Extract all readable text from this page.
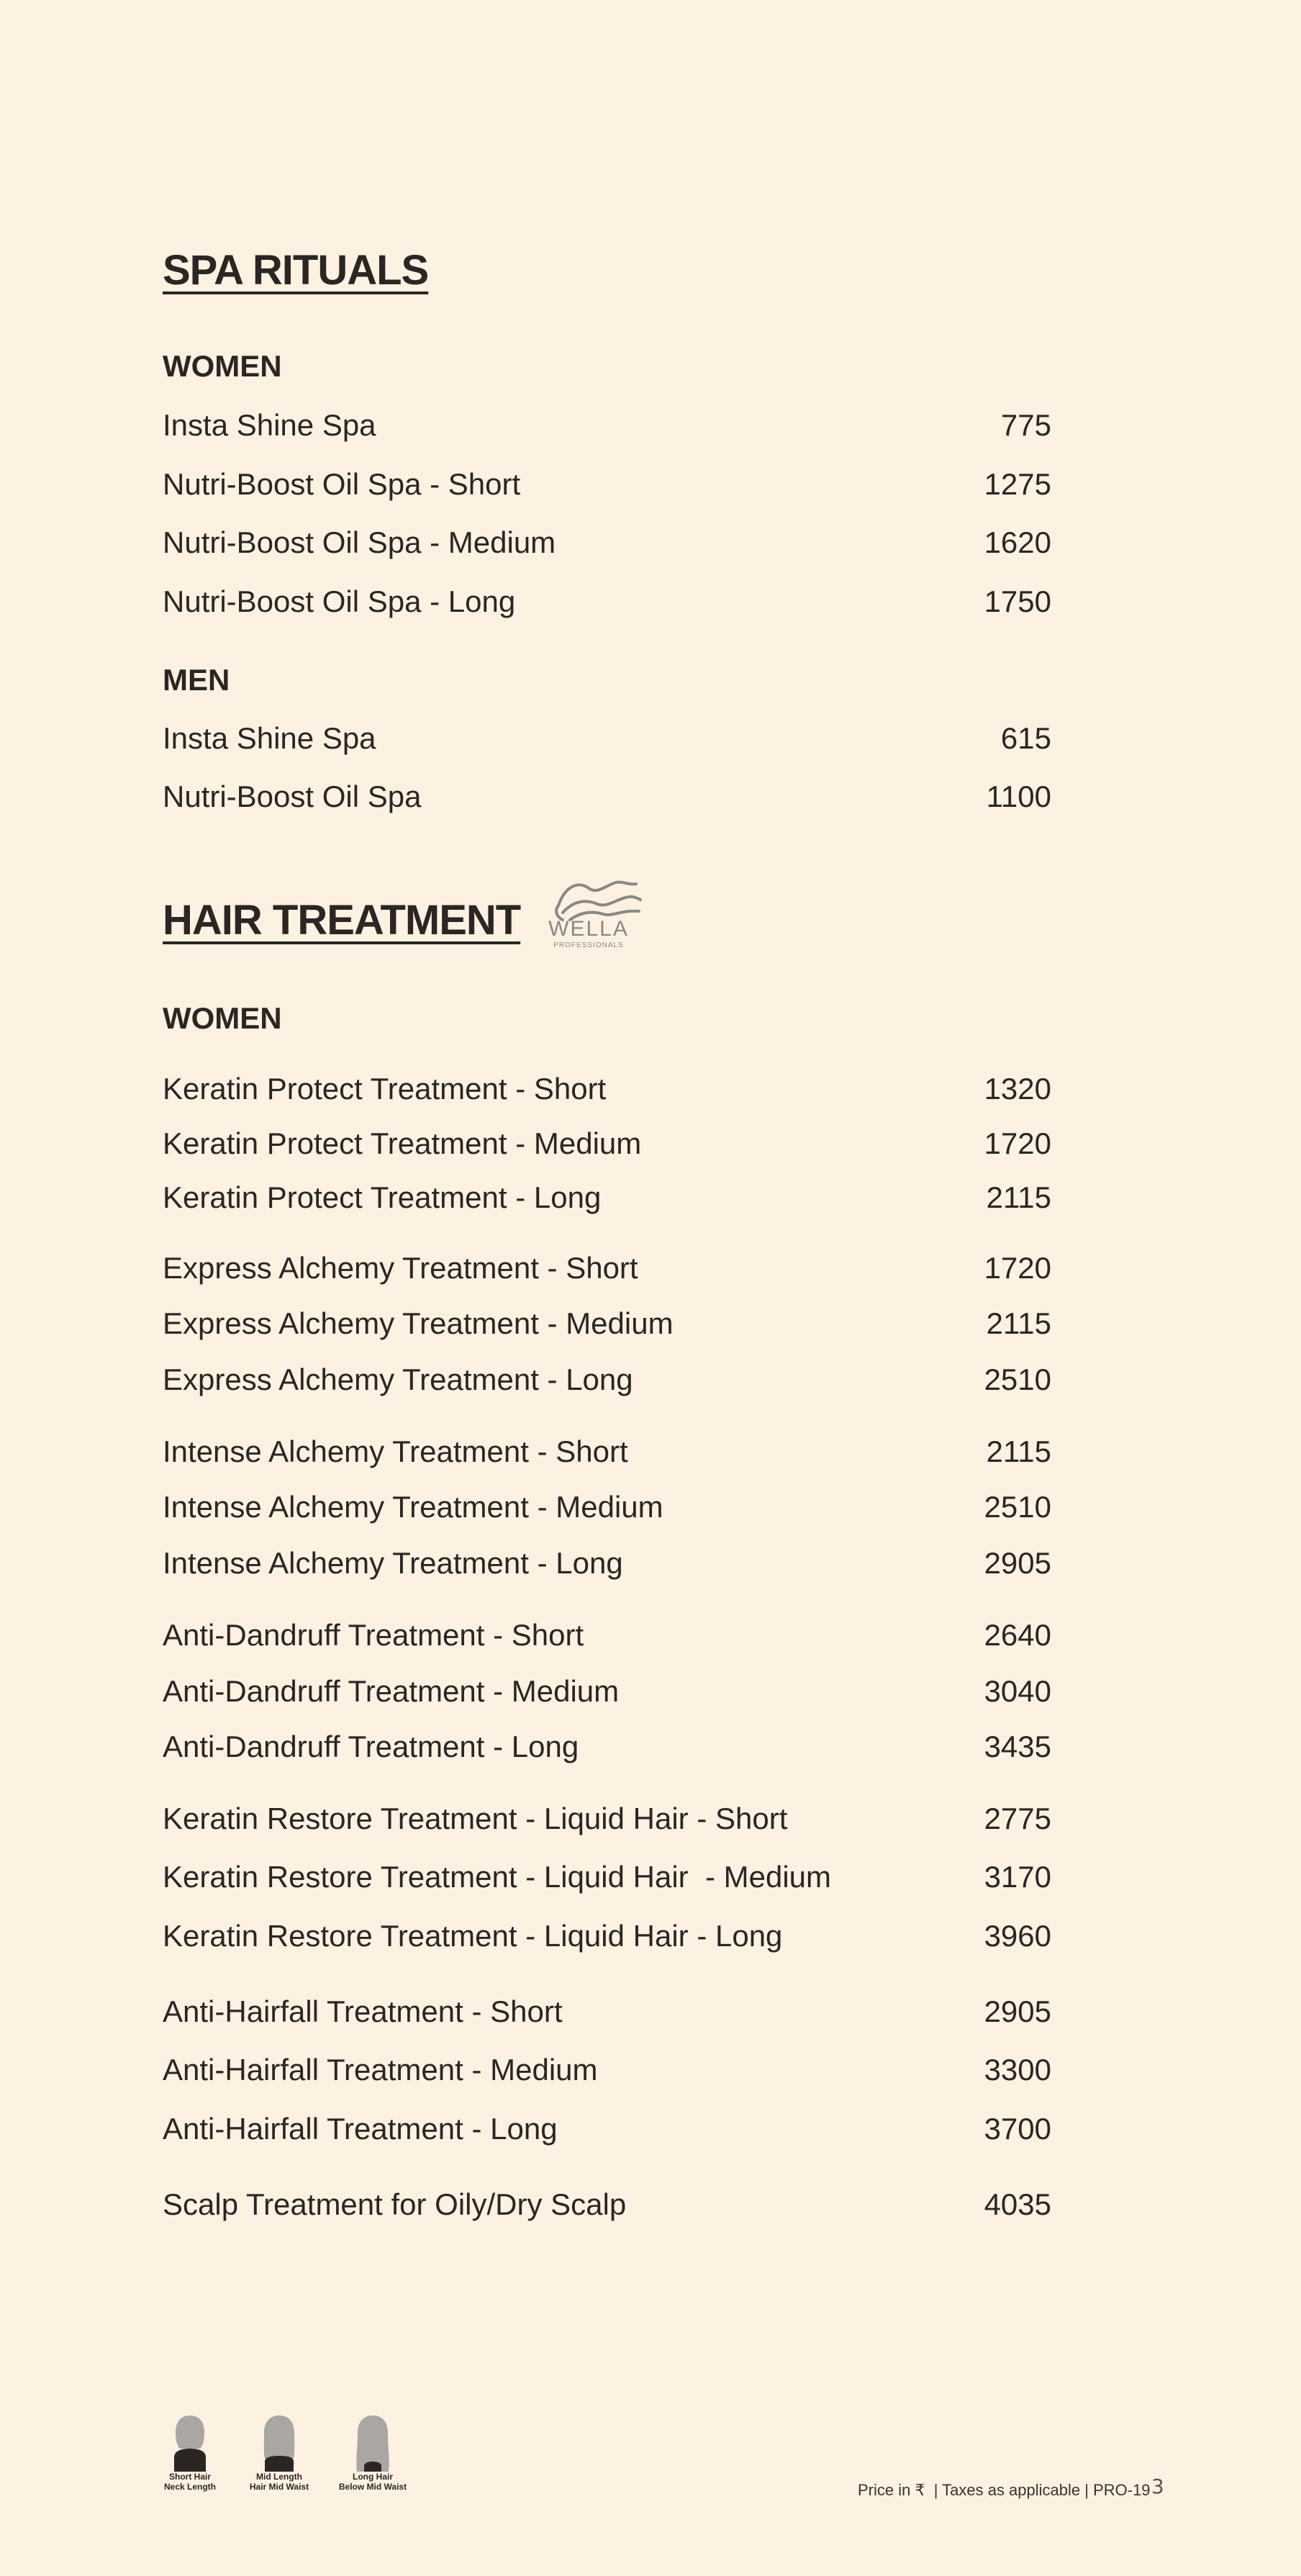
SPA RITUALS
WOMEN
Insta Shine Spa	775
Nutri-Boost Oil Spa - Short	1275
Nutri-Boost Oil Spa - Medium	1620
Nutri-Boost Oil Spa - Long	1750
MEN
Insta Shine Spa	615
Nutri-Boost Oil Spa	1100
HAIR TREATMENT	WELLA
PROFESSIONALS
WOMEN
Keratin Protect Treatment - Short	1320
Keratin Protect Treatment - Medium	1720
Keratin Protect Treatment - Long	2115
Express Alchemy Treatment - Short	1720
Express Alchemy Treatment - Medium	2115
Express Alchemy Treatment - Long	2510
Intense Alchemy Treatment - Short	2115
Intense Alchemy Treatment - Medium	2510
Intense Alchemy Treatment - Long	2905
Anti-Dandruff Treatment - Short	2640
Anti-Dandruff Treatment - Medium	3040
Anti-Dandruff Treatment - Long	3435
Keratin Restore Treatment - Liquid Hair - Short	2775
Keratin Restore Treatment - Liquid Hair  - Medium	3170
Keratin Restore Treatment - Liquid Hair - Long	3960
Anti-Hairfall Treatment - Short	2905
Anti-Hairfall Treatment - Medium	3300
Anti-Hairfall Treatment - Long	3700
Scalp Treatment for Oily/Dry Scalp	4035
Short Hair
Neck Length
Mid Length
Hair Mid Waist
Long Hair
Below Mid Waist	Price in ₹  | Taxes as applicable | PRO-19 3
